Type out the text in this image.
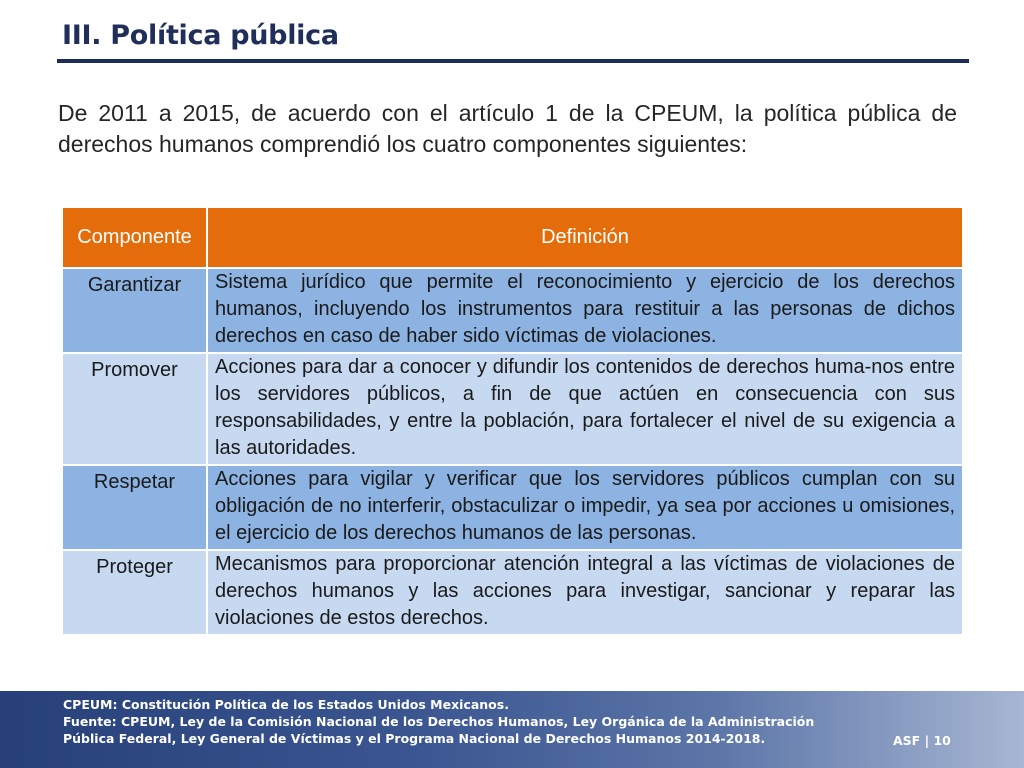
III. Política pública
De 2011 a 2015, de acuerdo con el artículo 1 de la CPEUM, la política pública de derechos humanos comprendió los cuatro componentes siguientes:
Componente	Definición
Garantizar	Sistema jurídico que permite el reconocimiento y ejercicio de los derechos humanos, incluyendo los instrumentos para restituir a las personas de dichos derechos en caso de haber sido víctimas de violaciones.
Promover	Acciones para dar a conocer y difundir los contenidos de derechos huma-nos entre los servidores públicos, a fin de que actúen en consecuencia con sus responsabilidades, y entre la población, para fortalecer el nivel de su exigencia a las autoridades.
Respetar	Acciones para vigilar y verificar que los servidores públicos cumplan con su obligación de no interferir, obstaculizar o impedir, ya sea por acciones u omisiones, el ejercicio de los derechos humanos de las personas.
Proteger	Mecanismos para proporcionar atención integral a las víctimas de violaciones de derechos humanos y las acciones para investigar, sancionar y reparar las violaciones de estos derechos.
CPEUM: Constitución Política de los Estados Unidos Mexicanos.
Fuente: CPEUM, Ley de la Comisión Nacional de los Derechos Humanos, Ley Orgánica de la Administración
Pública Federal, Ley General de Víctimas y el Programa Nacional de Derechos Humanos 2014-2018.	ASF | 10
